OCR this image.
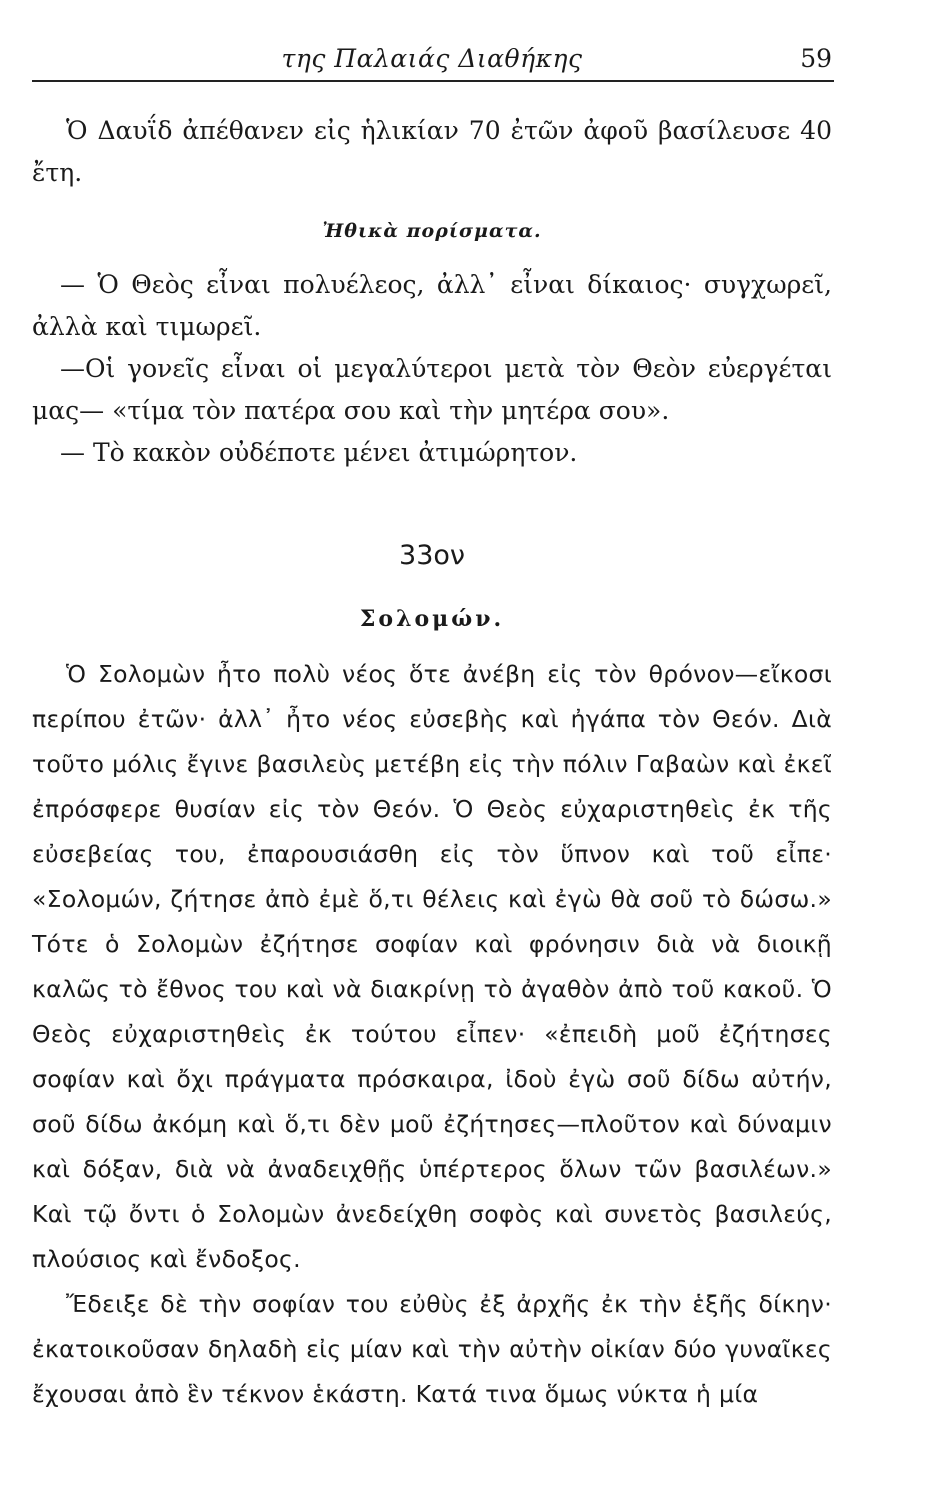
της Παλαιάς Διαθήκης	59

Ὁ Δαυΐδ ἀπέθανεν εἰς ἡλικίαν 70 ἐτῶν ἀφοῦ βασίλευσε 40 ἔτη.

Ἠθικὰ πορίσματα.

— Ὁ Θεὸς εἶναι πολυέλεος, ἀλλ᾽ εἶναι δίκαιος· συγχωρεῖ, ἀλλὰ καὶ τιμωρεῖ.

—Οἱ γονεῖς εἶναι οἱ μεγαλύτεροι μετὰ τὸν Θεὸν εὐεργέται μας— «τίμα τὸν πατέρα σου καὶ τὴν μητέρα σου».

— Τὸ κακὸν οὐδέποτε μένει ἀτιμώρητον.

33ον
Σολομών.

Ὁ Σολομὼν ἦτο πολὺ νέος ὅτε ἀνέβη εἰς τὸν θρόνον—εἴκοσι περίπου ἐτῶν· ἀλλ᾽ ἦτο νέος εὐσεβὴς καὶ ἠγάπα τὸν Θεόν. Διὰ τοῦτο μόλις ἔγινε βασιλεὺς μετέβη εἰς τὴν πόλιν Γαβαὼν καὶ ἐκεῖ ἐπρόσφερε θυσίαν εἰς τὸν Θεόν. Ὁ Θεὸς εὐχαριστηθεὶς ἐκ τῆς εὐσεβείας του, ἐπαρουσιάσθη εἰς τὸν ὕπνον καὶ τοῦ εἶπε· «Σολομών, ζήτησε ἀπὸ ἐμὲ ὅ,τι θέλεις καὶ ἐγὼ θὰ σοῦ τὸ δώσω.» Τότε ὁ Σολομὼν ἐζήτησε σοφίαν καὶ φρόνησιν διὰ νὰ διοικῇ καλῶς τὸ ἔθνος του καὶ νὰ διακρίνῃ τὸ ἀγαθὸν ἀπὸ τοῦ κακοῦ. Ὁ Θεὸς εὐχαριστηθεὶς ἐκ τούτου εἶπεν· «ἐπειδὴ μοῦ ἐζήτησες σοφίαν καὶ ὄχι πράγματα πρόσκαιρα, ἰδοὺ ἐγὼ σοῦ δίδω αὐτήν, σοῦ δίδω ἀκόμη καὶ ὅ,τι δὲν μοῦ ἐζήτησες—πλοῦτον καὶ δύναμιν καὶ δόξαν, διὰ νὰ ἀναδειχθῇς ὑπέρτερος ὅλων τῶν βασιλέων.» Καὶ τῷ ὄντι ὁ Σολομὼν ἀνεδείχθη σοφὸς καὶ συνετὸς βασιλεύς, πλούσιος καὶ ἔνδοξος.

Ἔδειξε δὲ τὴν σοφίαν του εὐθὺς ἐξ ἀρχῆς ἐκ τὴν ἑξῆς δίκην· ἐκατοικοῦσαν δηλαδὴ εἰς μίαν καὶ τὴν αὐτὴν οἰκίαν δύο γυναῖκες ἔχουσαι ἀπὸ ἓν τέκνον ἑκάστη. Κατά τινα ὅμως νύκτα ἡ μία
